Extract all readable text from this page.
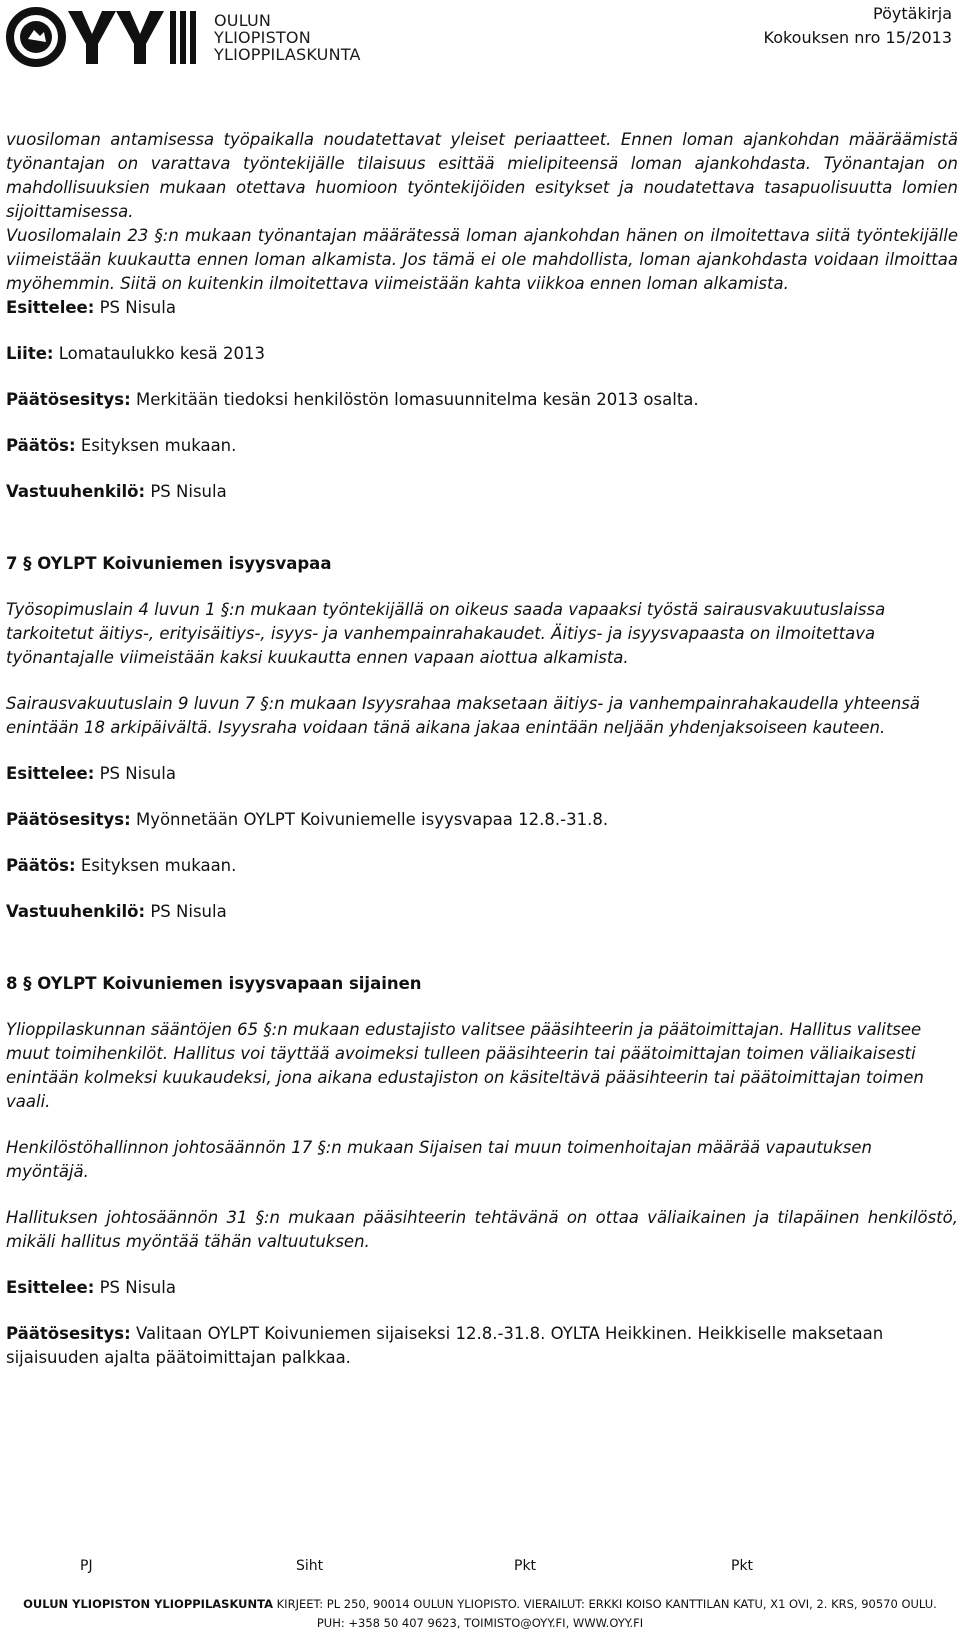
OULUN
YLIOPISTON
YLIOPPILASKUNTA
Pöytäkirja
Kokouksen nro 15/2013

vuosiloman antamisessa työpaikalla noudatettavat yleiset periaatteet. Ennen loman ajankohdan määräämistä työnantajan on varattava työntekijälle tilaisuus esittää mielipiteensä loman ajankohdasta. Työnantajan on mahdollisuuksien mukaan otettava huomioon työntekijöiden esitykset ja noudatettava tasapuolisuutta lomien sijoittamisessa.

Vuosilomalain 23 §:n mukaan työnantajan määrätessä loman ajankohdan hänen on ilmoitettava siitä työntekijälle viimeistään kuukautta ennen loman alkamista. Jos tämä ei ole mahdollista, loman ajankohdasta voidaan ilmoittaa myöhemmin. Siitä on kuitenkin ilmoitettava viimeistään kahta viikkoa ennen loman alkamista.

Esittelee: PS Nisula

Liite: Lomataulukko kesä 2013

Päätösesitys: Merkitään tiedoksi henkilöstön lomasuunnitelma kesän 2013 osalta.

Päätös: Esityksen mukaan.

Vastuuhenkilö: PS Nisula

7 § OYLPT Koivuniemen isyysvapaa

Työsopimuslain 4 luvun 1 §:n mukaan työntekijällä on oikeus saada vapaaksi työstä sairausvakuutuslaissa tarkoitetut äitiys-, erityisäitiys-, isyys- ja vanhempainrahakaudet. Äitiys- ja isyysvapaasta on ilmoitettava työnantajalle viimeistään kaksi kuukautta ennen vapaan aiottua alkamista.

Sairausvakuutuslain 9 luvun 7 §:n mukaan Isyysrahaa maksetaan äitiys- ja vanhempainrahakaudella yhteensä enintään 18 arkipäivältä. Isyysraha voidaan tänä aikana jakaa enintään neljään yhdenjaksoiseen kauteen.

Esittelee: PS Nisula

Päätösesitys: Myönnetään OYLPT Koivuniemelle isyysvapaa 12.8.-31.8.

Päätös: Esityksen mukaan.

Vastuuhenkilö: PS Nisula

8 § OYLPT Koivuniemen isyysvapaan sijainen

Ylioppilaskunnan sääntöjen 65 §:n mukaan edustajisto valitsee pääsihteerin ja päätoimittajan. Hallitus valitsee muut toimihenkilöt. Hallitus voi täyttää avoimeksi tulleen pääsihteerin tai päätoimittajan toimen väliaikaisesti enintään kolmeksi kuukaudeksi, jona aikana edustajiston on käsiteltävä pääsihteerin tai päätoimittajan toimen vaali.

Henkilöstöhallinnon johtosäännön 17 §:n mukaan Sijaisen tai muun toimenhoitajan määrää vapautuksen myöntäjä.

Hallituksen johtosäännön 31 §:n mukaan pääsihteerin tehtävänä on ottaa väliaikainen ja tilapäinen henkilöstö, mikäli hallitus myöntää tähän valtuutuksen.

Esittelee: PS Nisula

Päätösesitys: Valitaan OYLPT Koivuniemen sijaiseksi 12.8.-31.8. OYLTA Heikkinen. Heikkiselle maksetaan sijaisuuden ajalta päätoimittajan palkkaa.

PJ	Siht	Pkt	Pkt
OULUN YLIOPISTON YLIOPPILASKUNTA KIRJEET: PL 250, 90014 OULUN YLIOPISTO. VIERAILUT: ERKKI KOISO KANTTILAN KATU, X1 OVI, 2. KRS, 90570 OULU.
PUH: +358 50 407 9623, TOIMISTO@OYY.FI, WWW.OYY.FI
